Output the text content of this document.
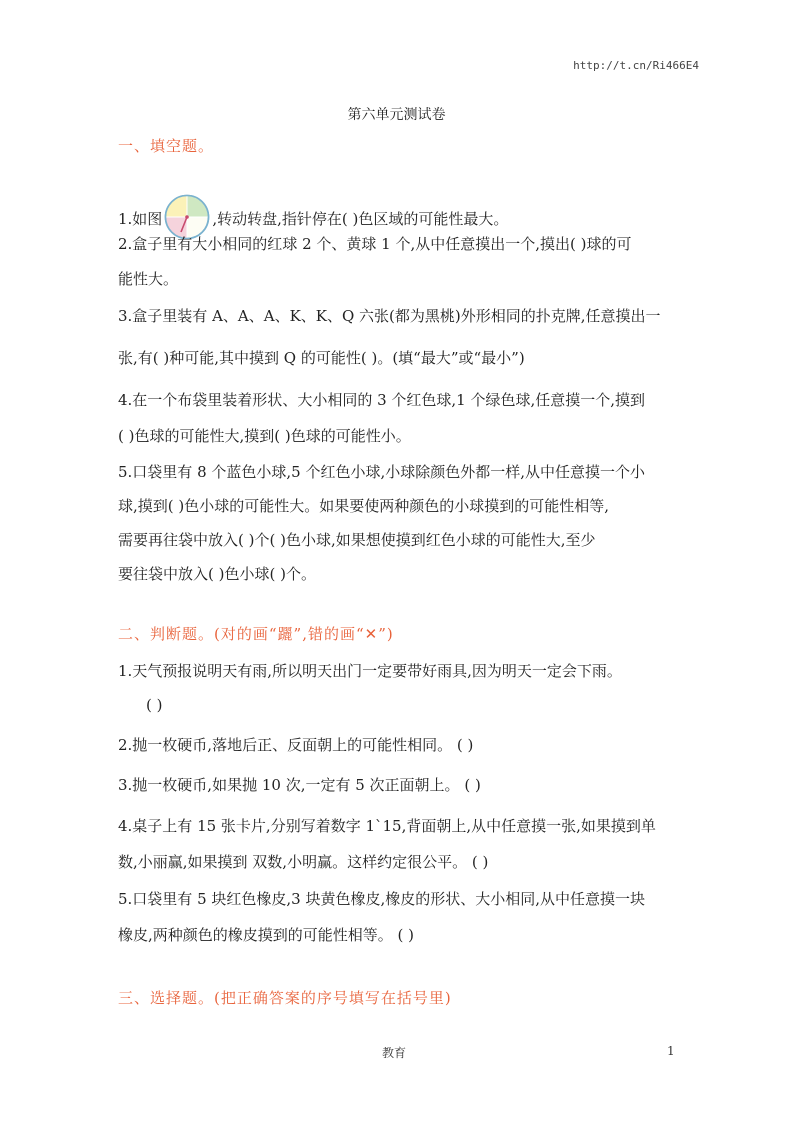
http://t.cn/Ri466E4
第六单元测试卷
一、填空题。
1.如图	,转动转盘,指针停在( )色区域的可能性最大。
2.盒子里有大小相同的红球 2 个、黄球 1 个,从中任意摸出一个,摸出( )球的可
能性大。
3.盒子里装有 A、A、A、K、K、Q 六张(都为黑桃)外形相同的扑克牌,任意摸出一
张,有( )种可能,其中摸到 Q 的可能性( )。(填“最大”或“最小”)
4.在一个布袋里装着形状、大小相同的 3 个红色球,1 个绿色球,任意摸一个,摸到
( )色球的可能性大,摸到( )色球的可能性小。
5.口袋里有 8 个蓝色小球,5 个红色小球,小球除颜色外都一样,从中任意摸一个小
球,摸到( )色小球的可能性大。如果要使两种颜色的小球摸到的可能性相等,
需要再往袋中放入( )个( )色小球,如果想使摸到红色小球的可能性大,至少
要往袋中放入( )色小球( )个。
二、判断题。(对的画“躧”,错的画“✕”)
1.天气预报说明天有雨,所以明天出门一定要带好雨具,因为明天一定会下雨。
( )
2.抛一枚硬币,落地后正、反面朝上的可能性相同。 ( )
3.抛一枚硬币,如果抛 10 次,一定有 5 次正面朝上。 ( )
4.桌子上有 15 张卡片,分别写着数字 1`15,背面朝上,从中任意摸一张,如果摸到单
数,小丽赢,如果摸到 双数,小明赢。这样约定很公平。 ( )
5.口袋里有 5 块红色橡皮,3 块黄色橡皮,橡皮的形状、大小相同,从中任意摸一块
橡皮,两种颜色的橡皮摸到的可能性相等。 ( )
三、选择题。(把正确答案的序号填写在括号里)
教育	1
